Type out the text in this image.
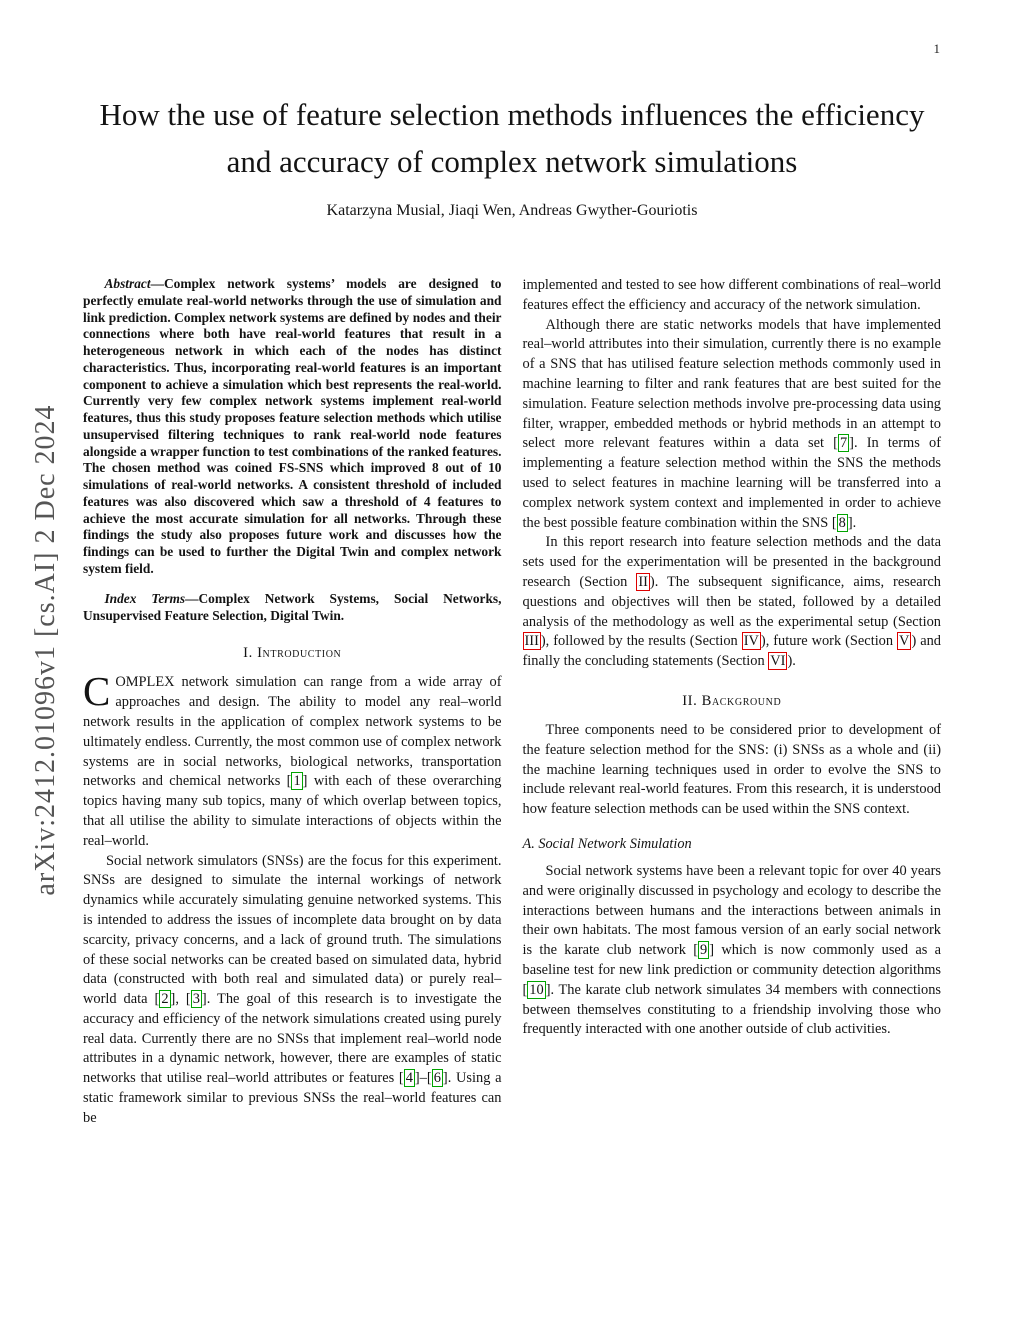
1
arXiv:2412.01096v1 [cs.AI] 2 Dec 2024
How the use of feature selection methods influences the efficiency and accuracy of complex network simulations
Katarzyna Musial, Jiaqi Wen, Andreas Gwyther-Gouriotis

Abstract—Complex network systems’ models are designed to perfectly emulate real-world networks through the use of simulation and link prediction. Complex network systems are defined by nodes and their connections where both have real-world features that result in a heterogeneous network in which each of the nodes has distinct characteristics. Thus, incorporating real-world features is an important component to achieve a simulation which best represents the real-world. Currently very few complex network systems implement real-world features, thus this study proposes feature selection methods which utilise unsupervised filtering techniques to rank real-world node features alongside a wrapper function to test combinations of the ranked features. The chosen method was coined FS-SNS which improved 8 out of 10 simulations of real-world networks. A consistent threshold of included features was also discovered which saw a threshold of 4 features to achieve the most accurate simulation for all networks. Through these findings the study also proposes future work and discusses how the findings can be used to further the Digital Twin and complex network system field.

Index Terms—Complex Network Systems, Social Networks, Unsupervised Feature Selection, Digital Twin.

I. Introduction

COMPLEX network simulation can range from a wide array of approaches and design. The ability to model any real–world network results in the application of complex network systems to be ultimately endless. Currently, the most common use of complex network systems are in social networks, biological networks, transportation networks and chemical networks [ 1 ] with each of these overarching topics having many sub topics, many of which overlap between topics, that all utilise the ability to simulate interactions of objects within the real–world.

Social network simulators (SNSs) are the focus for this experiment. SNSs are designed to simulate the internal workings of network dynamics while accurately simulating genuine networked systems. This is intended to address the issues of incomplete data brought on by data scarcity, privacy concerns, and a lack of ground truth. The simulations of these social networks can be created based on simulated data, hybrid data (constructed with both real and simulated data) or purely real–world data [ 2 ], [ 3 ]. The goal of this research is to investigate the accuracy and efficiency of the network simulations created using purely real data. Currently there are no SNSs that implement real–world node attributes in a dynamic network, however, there are examples of static networks that utilise real–world attributes or features [ 4 ]–[ 6 ]. Using a static framework similar to previous SNSs the real–world features can be

implemented and tested to see how different combinations of real–world features effect the efficiency and accuracy of the network simulation.

Although there are static networks models that have implemented real–world attributes into their simulation, currently there is no example of a SNS that has utilised feature selection methods commonly used in machine learning to filter and rank features that are best suited for the simulation. Feature selection methods involve pre-processing data using filter, wrapper, embedded methods or hybrid methods in an attempt to select more relevant features within a data set [ 7 ]. In terms of implementing a feature selection method within the SNS the methods used to select features in machine learning will be transferred into a complex network system context and implemented in order to achieve the best possible feature combination within the SNS [ 8 ].

In this report research into feature selection methods and the data sets used for the experimentation will be presented in the background research (Section II ). The subsequent significance, aims, research questions and objectives will then be stated, followed by a detailed analysis of the methodology as well as the experimental setup (Section III ), followed by the results (Section IV ), future work (Section V ) and finally the concluding statements (Section VI ).

II. Background

Three components need to be considered prior to development of the feature selection method for the SNS: (i) SNSs as a whole and (ii) the machine learning techniques used in order to evolve the SNS to include relevant real-world features. From this research, it is understood how feature selection methods can be used within the SNS context.

A. Social Network Simulation

Social network systems have been a relevant topic for over 40 years and were originally discussed in psychology and ecology to describe the interactions between humans and the interactions between animals in their own habitats. The most famous version of an early social network is the karate club network [ 9 ] which is now commonly used as a baseline test for new link prediction or community detection algorithms [ 10 ]. The karate club network simulates 34 members with connections between themselves constituting to a friendship involving those who frequently interacted with one another outside of club activities.
